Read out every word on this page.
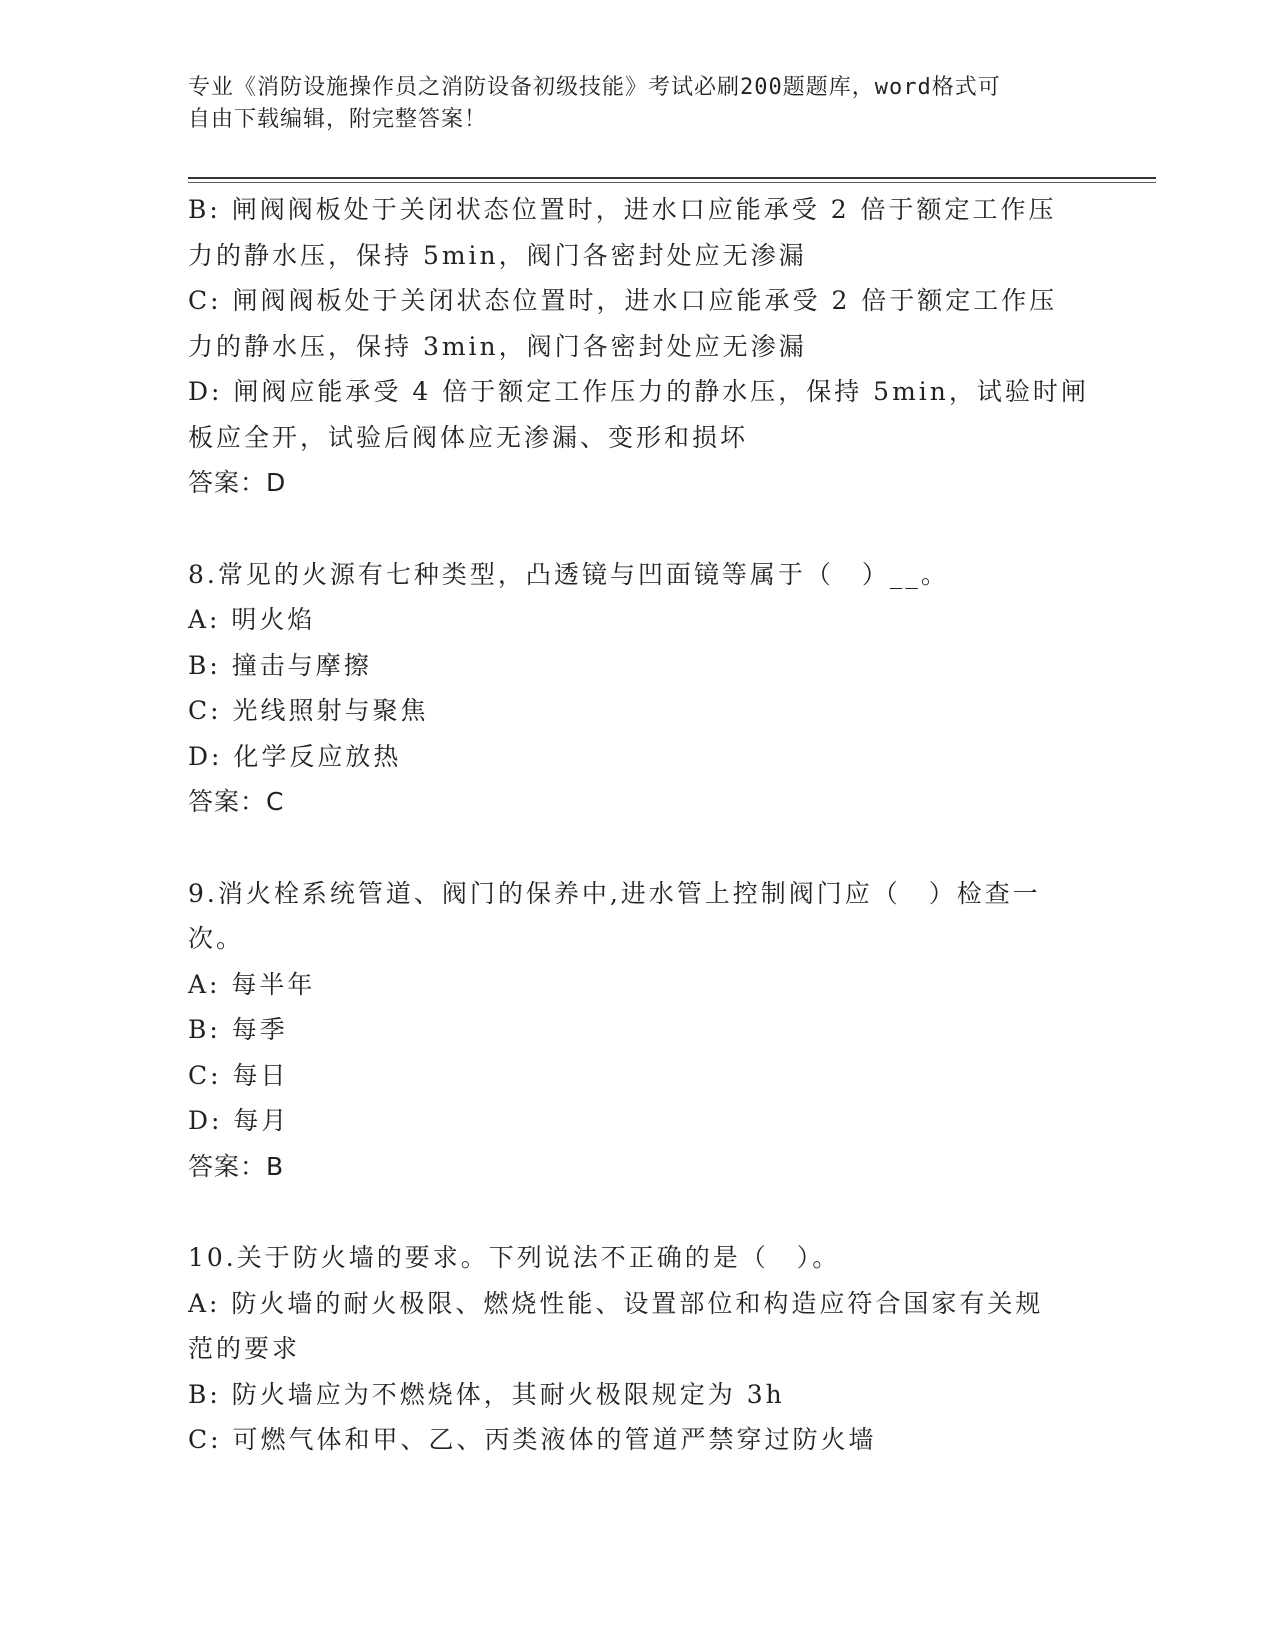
专业《消防设施操作员之消防设备初级技能》考试必刷200题题库，word格式可
自由下载编辑，附完整答案！
B: 闸阀阀板处于关闭状态位置时，进水口应能承受 2 倍于额定工作压
力的静水压，保持 5min，阀门各密封处应无渗漏
C: 闸阀阀板处于关闭状态位置时，进水口应能承受 2 倍于额定工作压
力的静水压，保持 3min，阀门各密封处应无渗漏
D: 闸阀应能承受 4 倍于额定工作压力的静水压，保持 5min，试验时闸
板应全开，试验后阀体应无渗漏、变形和损坏
答案：D
8.常见的火源有七种类型，凸透镜与凹面镜等属于（　）__。
A: 明火焰
B: 撞击与摩擦
C: 光线照射与聚焦
D: 化学反应放热
答案：C
9.消火栓系统管道、阀门的保养中,进水管上控制阀门应（　）检查一
次。
A: 每半年
B: 每季
C: 每日
D: 每月
答案：B
10.关于防火墙的要求。下列说法不正确的是（　）。
A: 防火墙的耐火极限、燃烧性能、设置部位和构造应符合国家有关规
范的要求
B: 防火墙应为不燃烧体，其耐火极限规定为 3h
C: 可燃气体和甲、乙、丙类液体的管道严禁穿过防火墙
